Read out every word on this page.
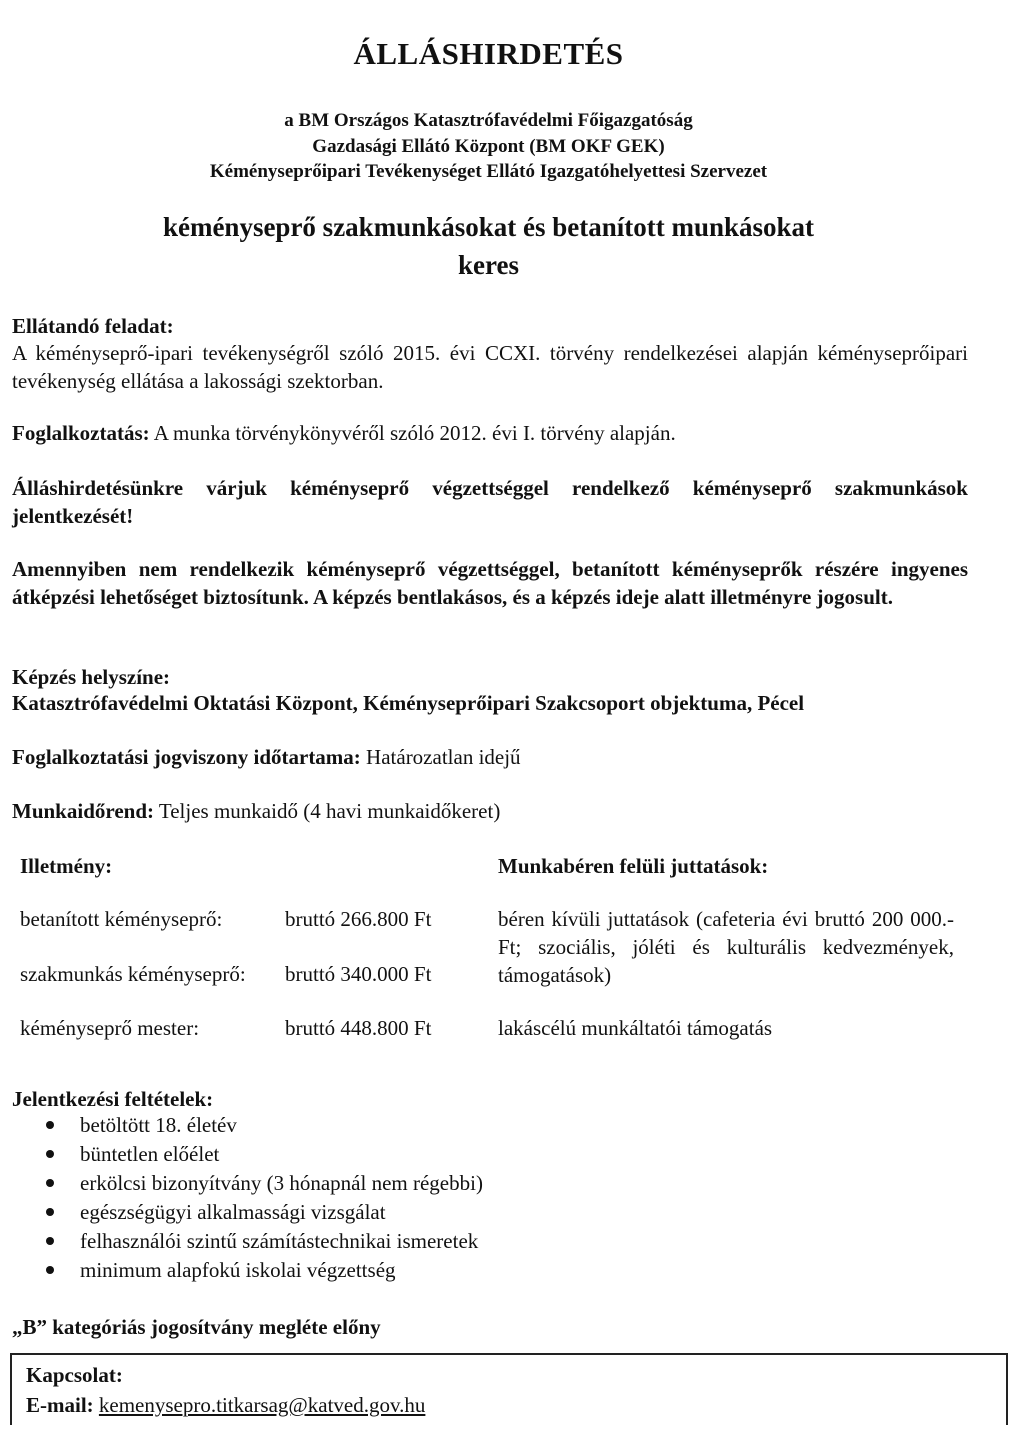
ÁLLÁSHIRDETÉS
a BM Országos Katasztrófavédelmi Főigazgatóság
Gazdasági Ellátó Központ (BM OKF GEK)
Kéményseprőipari Tevékenységet Ellátó Igazgatóhelyettesi Szervezet
kéményseprő szakmunkásokat és betanított munkásokat
keres
Ellátandó feladat:
A kéményseprő-ipari tevékenységről szóló 2015. évi CCXI. törvény rendelkezései alapján kéményseprőipari tevékenység ellátása a lakossági szektorban.
Foglalkoztatás: A munka törvénykönyvéről szóló 2012. évi I. törvény alapján.
Álláshirdetésünkre várjuk kéményseprő végzettséggel rendelkező kéményseprő szakmunkások jelentkezését!
Amennyiben nem rendelkezik kéményseprő végzettséggel, betanított kéményseprők részére ingyenes átképzési lehetőséget biztosítunk. A képzés bentlakásos, és a képzés ideje alatt illetményre jogosult.
Képzés helyszíne:
Katasztrófavédelmi Oktatási Központ, Kéményseprőipari Szakcsoport objektuma, Pécel
Foglalkoztatási jogviszony időtartama: Határozatlan idejű
Munkaidőrend: Teljes munkaidő (4 havi munkaidőkeret)
Illetmény:
betanított kéményseprő:	bruttó 266.800 Ft
szakmunkás kéményseprő: bruttó 340.000 Ft
kéményseprő mester:	bruttó 448.800 Ft
Munkabéren felüli juttatások:
béren kívüli juttatások (cafeteria évi bruttó 200 000.- Ft; szociális, jóléti és kulturális kedvezmények, támogatások)
lakáscélú munkáltatói támogatás
Jelentkezési feltételek:
betöltött 18. életév
büntetlen előélet
erkölcsi bizonyítvány (3 hónapnál nem régebbi)
egészségügyi alkalmassági vizsgálat
felhasználói szintű számítástechnikai ismeretek
minimum alapfokú iskolai végzettség
„B” kategóriás jogosítvány megléte előny
Kapcsolat:
E-mail: kemenysepro.titkarsag@katved.gov.hu
